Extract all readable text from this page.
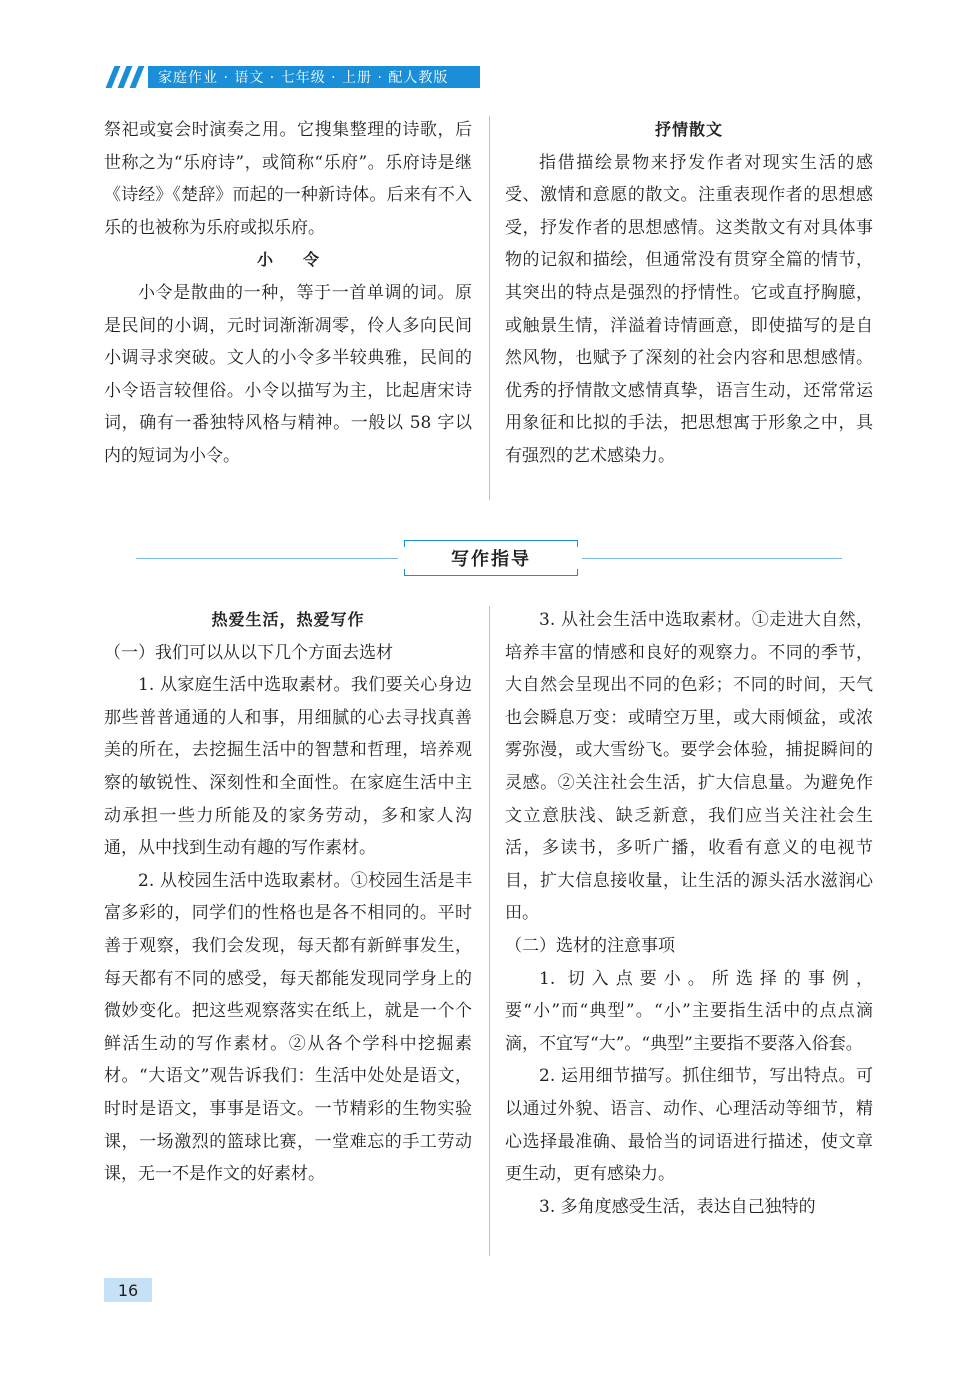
家庭作业 · 语文 · 七年级 · 上册 · 配人教版

祭祀或宴会时演奏之用。它搜集整理的诗歌，后世称之为“乐府诗”，或简称“乐府”。乐府诗是继《诗经》《楚辞》而起的一种新诗体。后来有不入乐的也被称为乐府或拟乐府。

小令

小令是散曲的一种，等于一首单调的词。原是民间的小调，元时词渐渐凋零，伶人多向民间小调寻求突破。文人的小令多半较典雅，民间的小令语言较俚俗。小令以描写为主，比起唐宋诗词，确有一番独特风格与精神。一般以 58 字以内的短词为小令。

抒情散文

指借描绘景物来抒发作者对现实生活的感受、激情和意愿的散文。注重表现作者的思想感受，抒发作者的思想感情。这类散文有对具体事物的记叙和描绘，但通常没有贯穿全篇的情节，其突出的特点是强烈的抒情性。它或直抒胸臆，或触景生情，洋溢着诗情画意，即使描写的是自然风物，也赋予了深刻的社会内容和思想感情。优秀的抒情散文感情真挚，语言生动，还常常运用象征和比拟的手法，把思想寓于形象之中，具有强烈的艺术感染力。

写作指导

热爱生活，热爱写作

（一）我们可以从以下几个方面去选材

1. 从家庭生活中选取素材。我们要关心身边那些普普通通的人和事，用细腻的心去寻找真善美的所在，去挖掘生活中的智慧和哲理，培养观察的敏锐性、深刻性和全面性。在家庭生活中主动承担一些力所能及的家务劳动，多和家人沟通，从中找到生动有趣的写作素材。

2. 从校园生活中选取素材。①校园生活是丰富多彩的，同学们的性格也是各不相同的。平时善于观察，我们会发现，每天都有新鲜事发生，每天都有不同的感受，每天都能发现同学身上的微妙变化。把这些观察落实在纸上，就是一个个鲜活生动的写作素材。②从各个学科中挖掘素材。“大语文”观告诉我们：生活中处处是语文，时时是语文，事事是语文。一节精彩的生物实验课，一场激烈的篮球比赛，一堂难忘的手工劳动课，无一不是作文的好素材。

3. 从社会生活中选取素材。①走进大自然，培养丰富的情感和良好的观察力。不同的季节，大自然会呈现出不同的色彩；不同的时间，天气也会瞬息万变：或晴空万里，或大雨倾盆，或浓雾弥漫，或大雪纷飞。要学会体验，捕捉瞬间的灵感。②关注社会生活，扩大信息量。为避免作文立意肤浅、缺乏新意，我们应当关注社会生活，多读书，多听广播，收看有意义的电视节目，扩大信息接收量，让生活的源头活水滋润心田。

（二）选材的注意事项

1. 切入点要小。所选择的事例，要“小”而“典型”。“小”主要指生活中的点点滴滴，不宜写“大”。“典型”主要指不要落入俗套。

2. 运用细节描写。抓住细节，写出特点。可以通过外貌、语言、动作、心理活动等细节，精心选择最准确、最恰当的词语进行描述，使文章更生动，更有感染力。

3. 多角度感受生活，表达自己独特的

16
